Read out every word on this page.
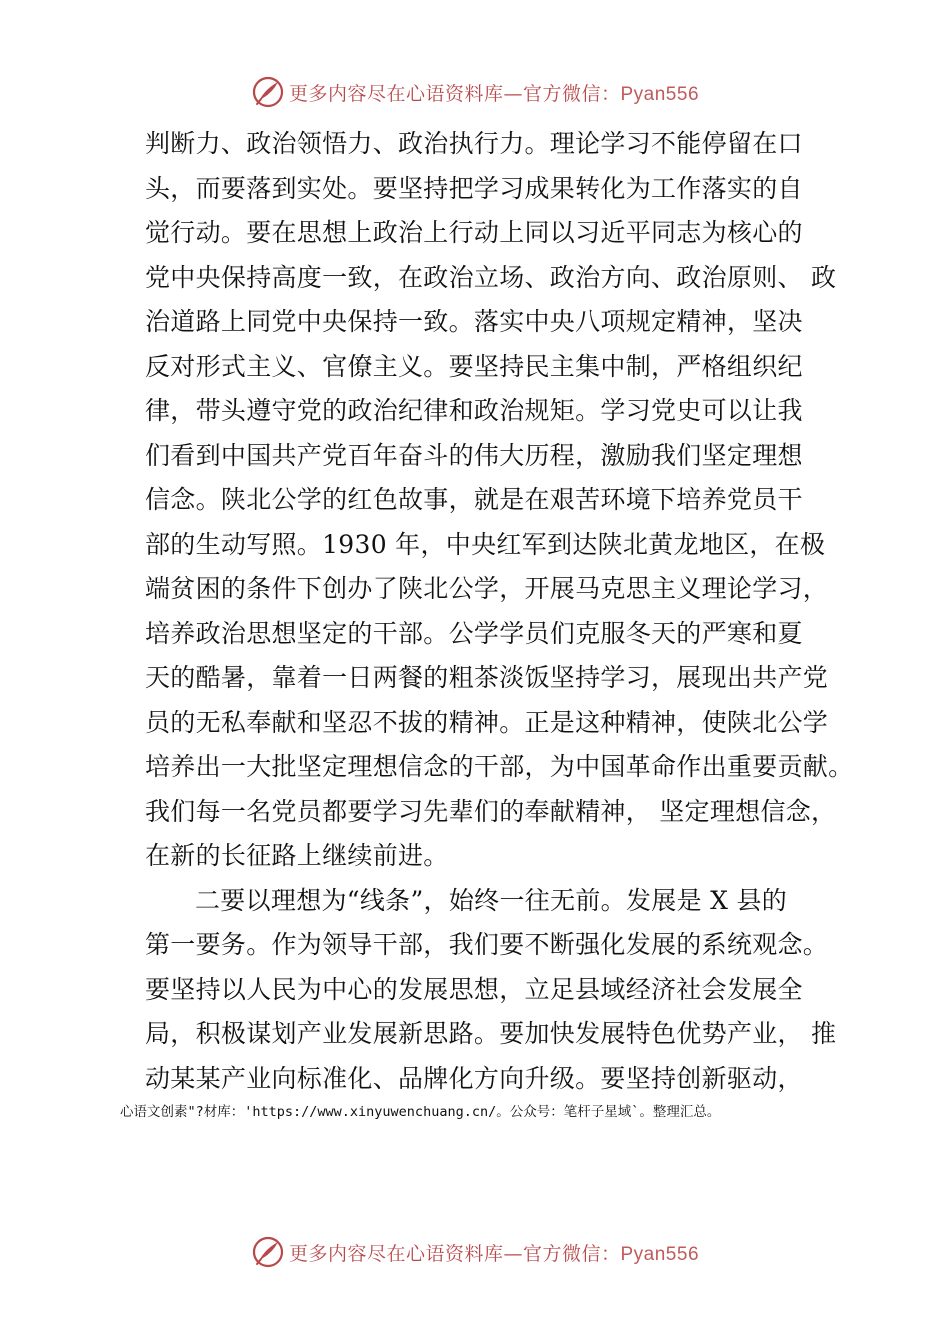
更多内容尽在心语资料库—官方微信：Pyan556
判断力、政治领悟力、政治执行力。理论学习不能停留在口
头，而要落到实处。要坚持把学习成果转化为工作落实的自
觉行动。要在思想上政治上行动上同以习近平同志为核心的
党中央保持高度一致，在政治立场、政治方向、政治原则、 政
治道路上同党中央保持一致。落实中央八项规定精神，坚决
反对形式主义、官僚主义。要坚持民主集中制，严格组织纪
律，带头遵守党的政治纪律和政治规矩。学习党史可以让我
们看到中国共产党百年奋斗的伟大历程，激励我们坚定理想
信念。陕北公学的红色故事，就是在艰苦环境下培养党员干
部的生动写照。1930 年，中央红军到达陕北黄龙地区，在极
端贫困的条件下创办了陕北公学，开展马克思主义理论学习，
培养政治思想坚定的干部。公学学员们克服冬天的严寒和夏
天的酷暑，靠着一日两餐的粗茶淡饭坚持学习，展现出共产党
员的无私奉献和坚忍不拔的精神。正是这种精神，使陕北公学
培养出一大批坚定理想信念的干部，为中国革命作出重要贡献。
我们每一名党员都要学习先辈们的奉献精神， 坚定理想信念，
在新的长征路上继续前进。
二要以理想为“线条”，始终一往无前。发展是 X 县的
第一要务。作为领导干部，我们要不断强化发展的系统观念。
要坚持以人民为中心的发展思想，立足县域经济社会发展全
局，积极谋划产业发展新思路。要加快发展特色优势产业， 推
动某某产业向标准化、品牌化方向升级。要坚持创新驱动，
心语文创素"?材库：'https://www.xinyuwenchuang.cn/。公众号：笔杆子星域`。整理汇总。
更多内容尽在心语资料库—官方微信：Pyan556
